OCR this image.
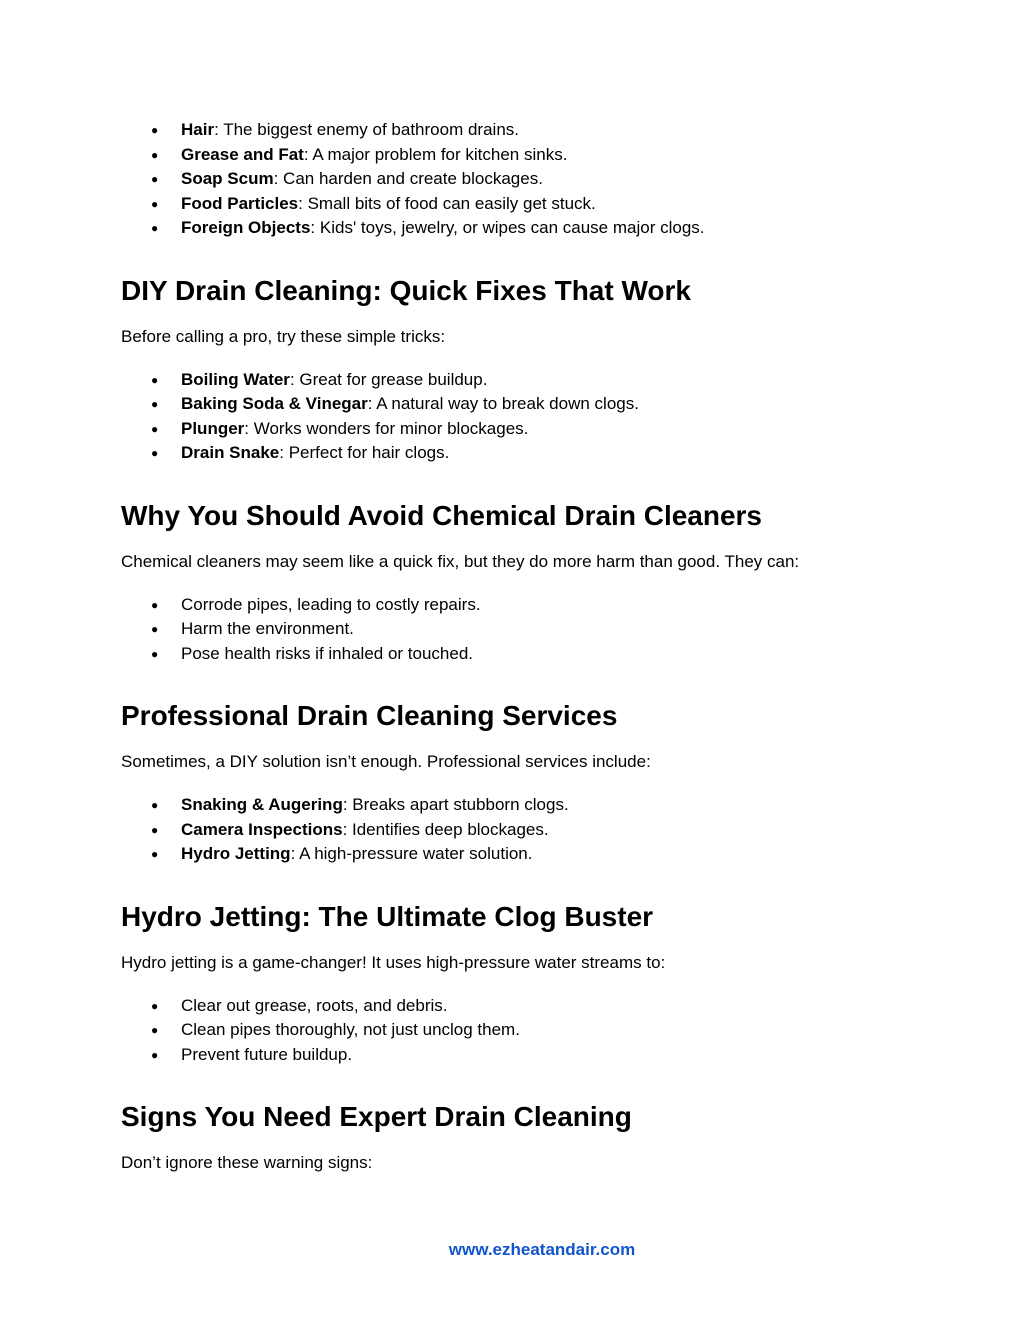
● Hair: The biggest enemy of bathroom drains.
● Grease and Fat: A major problem for kitchen sinks.
● Soap Scum: Can harden and create blockages.
● Food Particles: Small bits of food can easily get stuck.
● Foreign Objects: Kids' toys, jewelry, or wipes can cause major clogs.
DIY Drain Cleaning: Quick Fixes That Work

Before calling a pro, try these simple tricks:

● Boiling Water: Great for grease buildup.
● Baking Soda & Vinegar: A natural way to break down clogs.
● Plunger: Works wonders for minor blockages.
● Drain Snake: Perfect for hair clogs.
Why You Should Avoid Chemical Drain Cleaners

Chemical cleaners may seem like a quick fix, but they do more harm than good. They can:

● Corrode pipes, leading to costly repairs.
● Harm the environment.
● Pose health risks if inhaled or touched.
Professional Drain Cleaning Services

Sometimes, a DIY solution isn’t enough. Professional services include:

● Snaking & Augering: Breaks apart stubborn clogs.
● Camera Inspections: Identifies deep blockages.
● Hydro Jetting: A high-pressure water solution.
Hydro Jetting: The Ultimate Clog Buster

Hydro jetting is a game-changer! It uses high-pressure water streams to:

● Clear out grease, roots, and debris.
● Clean pipes thoroughly, not just unclog them.
● Prevent future buildup.
Signs You Need Expert Drain Cleaning

Don’t ignore these warning signs:

www.ezheatandair.com
